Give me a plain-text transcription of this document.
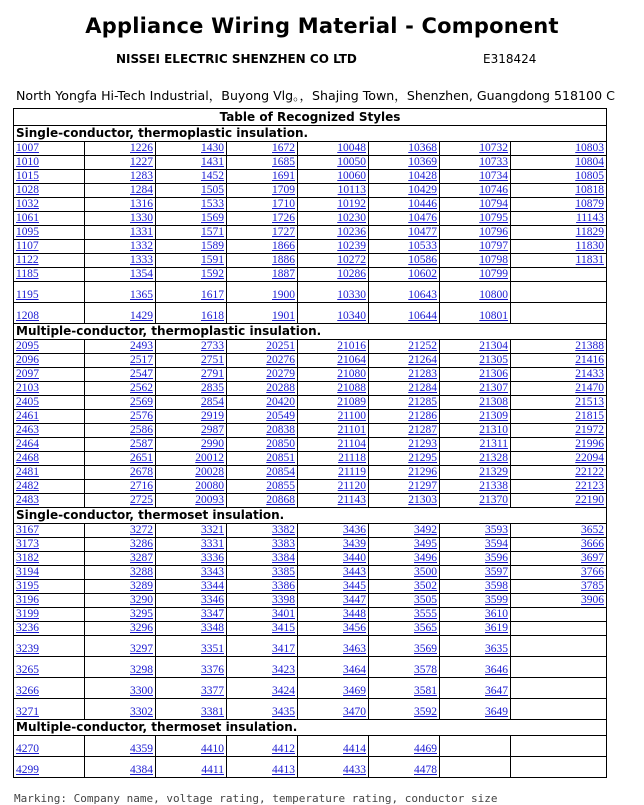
Appliance Wiring Material - Component
NISSEI ELECTRIC SHENZHEN CO LTD	E318424
North Yongfa Hi-Tech Industrial，Buyong Vlg。，Shajing Town，Shenzhen, Guangdong 518100 C
Table of Recognized Styles							
Single-conductor, thermoplastic insulation.							
1007	1226	1430	1672	10048	10368	10732	10803
1010	1227	1431	1685	10050	10369	10733	10804
1015	1283	1452	1691	10060	10428	10734	10805
1028	1284	1505	1709	10113	10429	10746	10818
1032	1316	1533	1710	10192	10446	10794	10879
1061	1330	1569	1726	10230	10476	10795	11143
1095	1331	1571	1727	10236	10477	10796	11829
1107	1332	1589	1866	10239	10533	10797	11830
1122	1333	1591	1886	10272	10586	10798	11831
1185	1354	1592	1887	10286	10602	10799	
1195	1365	1617	1900	10330	10643	10800	
1208	1429	1618	1901	10340	10644	10801	
Multiple-conductor, thermoplastic insulation.							
2095	2493	2733	20251	21016	21252	21304	21388
2096	2517	2751	20276	21064	21264	21305	21416
2097	2547	2791	20279	21080	21283	21306	21433
2103	2562	2835	20288	21088	21284	21307	21470
2405	2569	2854	20420	21089	21285	21308	21513
2461	2576	2919	20549	21100	21286	21309	21815
2463	2586	2987	20838	21101	21287	21310	21972
2464	2587	2990	20850	21104	21293	21311	21996
2468	2651	20012	20851	21118	21295	21328	22094
2481	2678	20028	20854	21119	21296	21329	22122
2482	2716	20080	20855	21120	21297	21338	22123
2483	2725	20093	20868	21143	21303	21370	22190
Single-conductor, thermoset insulation.							
3167	3272	3321	3382	3436	3492	3593	3652
3173	3286	3331	3383	3439	3495	3594	3666
3182	3287	3336	3384	3440	3496	3596	3697
3194	3288	3343	3385	3443	3500	3597	3766
3195	3289	3344	3386	3445	3502	3598	3785
3196	3290	3346	3398	3447	3505	3599	3906
3199	3295	3347	3401	3448	3555	3610	
3236	3296	3348	3415	3456	3565	3619	
3239	3297	3351	3417	3463	3569	3635	
3265	3298	3376	3423	3464	3578	3646	
3266	3300	3377	3424	3469	3581	3647	
3271	3302	3381	3435	3470	3592	3649	
Multiple-conductor, thermoset insulation.							
4270	4359	4410	4412	4414	4469		
4299	4384	4411	4413	4433	4478		
Marking: Company name, voltage rating, temperature rating, conductor size
